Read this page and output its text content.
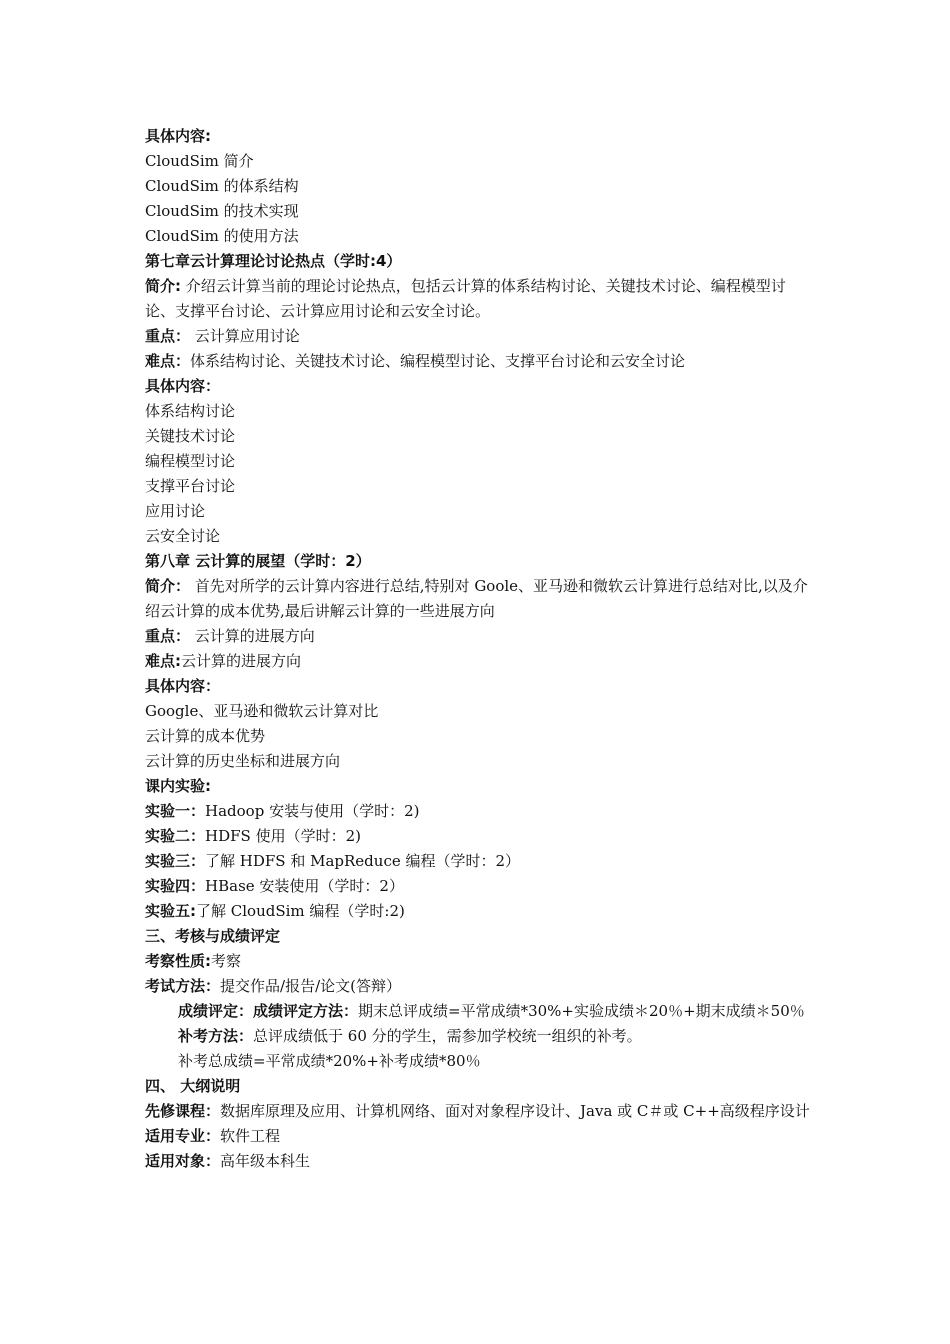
具体内容:
CloudSim 简介
CloudSim 的体系结构
CloudSim 的技术实现
CloudSim 的使用方法
第七章云计算理论讨论热点（学时:4）
简介: 介绍云计算当前的理论讨论热点，包括云计算的体系结构讨论、关键技术讨论、编程模型讨论、支撑平台讨论、云计算应用讨论和云安全讨论。
重点： 云计算应用讨论
难点：体系结构讨论、关键技术讨论、编程模型讨论、支撑平台讨论和云安全讨论
具体内容：
体系结构讨论
关键技术讨论
编程模型讨论
支撑平台讨论
应用讨论
云安全讨论
第八章 云计算的展望（学时：2）
简介： 首先对所学的云计算内容进行总结,特别对 Goole、亚马逊和微软云计算进行总结对比,以及介绍云计算的成本优势,最后讲解云计算的一些进展方向
重点： 云计算的进展方向
难点:云计算的进展方向
具体内容：
Google、亚马逊和微软云计算对比
云计算的成本优势
云计算的历史坐标和进展方向
课内实验:
实验一：Hadoop 安装与使用（学时：2)
实验二：HDFS 使用（学时：2)
实验三：了解 HDFS 和 MapReduce 编程（学时：2）
实验四：HBase 安装使用（学时：2）
实验五:了解 CloudSim 编程（学时:2)
三、考核与成绩评定
考察性质:考察
考试方法：提交作品/报告/论文(答辩）
成绩评定：成绩评定方法：期末总评成绩=平常成绩*30%+实验成绩＊20％+期末成绩＊50％
补考方法：总评成绩低于 60 分的学生，需参加学校统一组织的补考。
补考总成绩=平常成绩*20%+补考成绩*80％
四、 大纲说明
先修课程：数据库原理及应用、计算机网络、面对对象程序设计、Java 或 C＃或 C++高级程序设计
适用专业：软件工程
适用对象：高年级本科生
